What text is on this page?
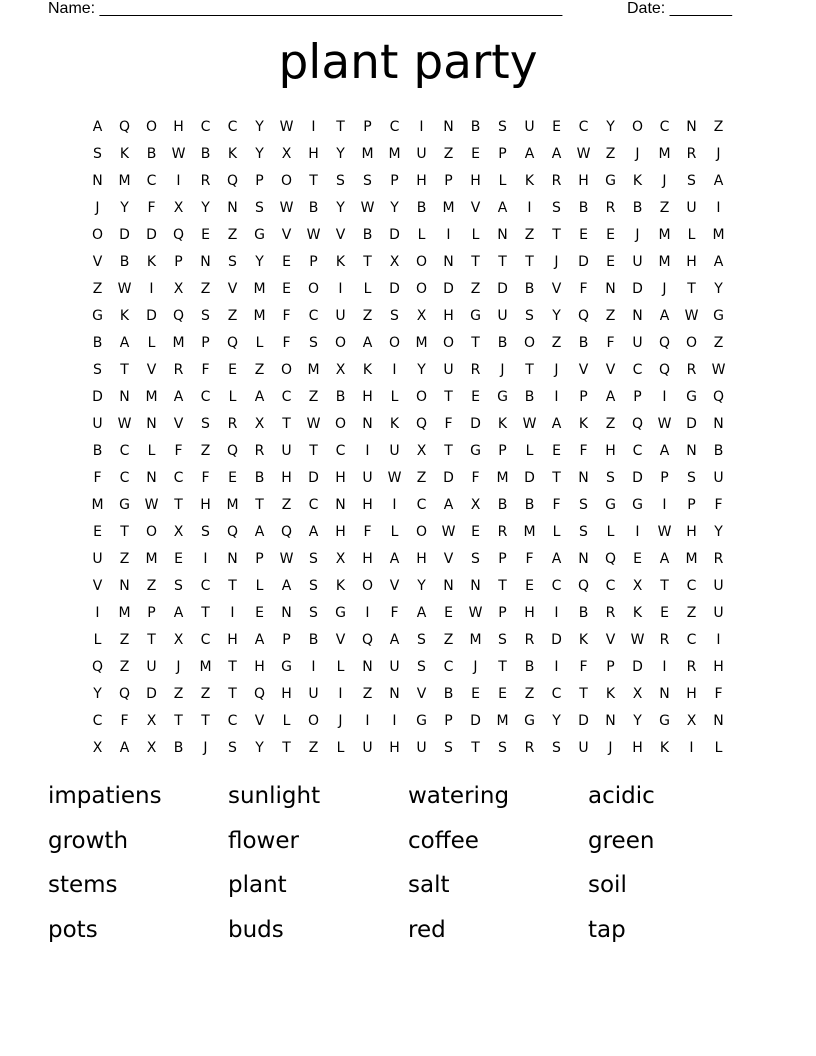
Name: ____________________________________________________	Date: _______
plant party
A	Q	O	H	C	C	Y	W	I	T	P	C	I	N	B	S	U	E	C	Y	O	C	N	Z
S	K	B	W	B	K	Y	X	H	Y	M	M	U	Z	E	P	A	A	W	Z	J	M	R	J
N	M	C	I	R	Q	P	O	T	S	S	P	H	P	H	L	K	R	H	G	K	J	S	A
J	Y	F	X	Y	N	S	W	B	Y	W	Y	B	M	V	A	I	S	B	R	B	Z	U	I
O	D	D	Q	E	Z	G	V	W	V	B	D	L	I	L	N	Z	T	E	E	J	M	L	M
V	B	K	P	N	S	Y	E	P	K	T	X	O	N	T	T	T	J	D	E	U	M	H	A
Z	W	I	X	Z	V	M	E	O	I	L	D	O	D	Z	D	B	V	F	N	D	J	T	Y
G	K	D	Q	S	Z	M	F	C	U	Z	S	X	H	G	U	S	Y	Q	Z	N	A	W	G
B	A	L	M	P	Q	L	F	S	O	A	O	M	O	T	B	O	Z	B	F	U	Q	O	Z
S	T	V	R	F	E	Z	O	M	X	K	I	Y	U	R	J	T	J	V	V	C	Q	R	W
D	N	M	A	C	L	A	C	Z	B	H	L	O	T	E	G	B	I	P	A	P	I	G	Q
U	W	N	V	S	R	X	T	W	O	N	K	Q	F	D	K	W	A	K	Z	Q	W	D	N
B	C	L	F	Z	Q	R	U	T	C	I	U	X	T	G	P	L	E	F	H	C	A	N	B
F	C	N	C	F	E	B	H	D	H	U	W	Z	D	F	M	D	T	N	S	D	P	S	U
M	G	W	T	H	M	T	Z	C	N	H	I	C	A	X	B	B	F	S	G	G	I	P	F
E	T	O	X	S	Q	A	Q	A	H	F	L	O	W	E	R	M	L	S	L	I	W	H	Y
U	Z	M	E	I	N	P	W	S	X	H	A	H	V	S	P	F	A	N	Q	E	A	M	R
V	N	Z	S	C	T	L	A	S	K	O	V	Y	N	N	T	E	C	Q	C	X	T	C	U
I	M	P	A	T	I	E	N	S	G	I	F	A	E	W	P	H	I	B	R	K	E	Z	U
L	Z	T	X	C	H	A	P	B	V	Q	A	S	Z	M	S	R	D	K	V	W	R	C	I
Q	Z	U	J	M	T	H	G	I	L	N	U	S	C	J	T	B	I	F	P	D	I	R	H
Y	Q	D	Z	Z	T	Q	H	U	I	Z	N	V	B	E	E	Z	C	T	K	X	N	H	F
C	F	X	T	T	C	V	L	O	J	I	I	G	P	D	M	G	Y	D	N	Y	G	X	N
X	A	X	B	J	S	Y	T	Z	L	U	H	U	S	T	S	R	S	U	J	H	K	I	L
impatiens	sunlight	watering	acidic
growth	flower	coffee	green
stems	plant	salt	soil
pots	buds	red	tap
